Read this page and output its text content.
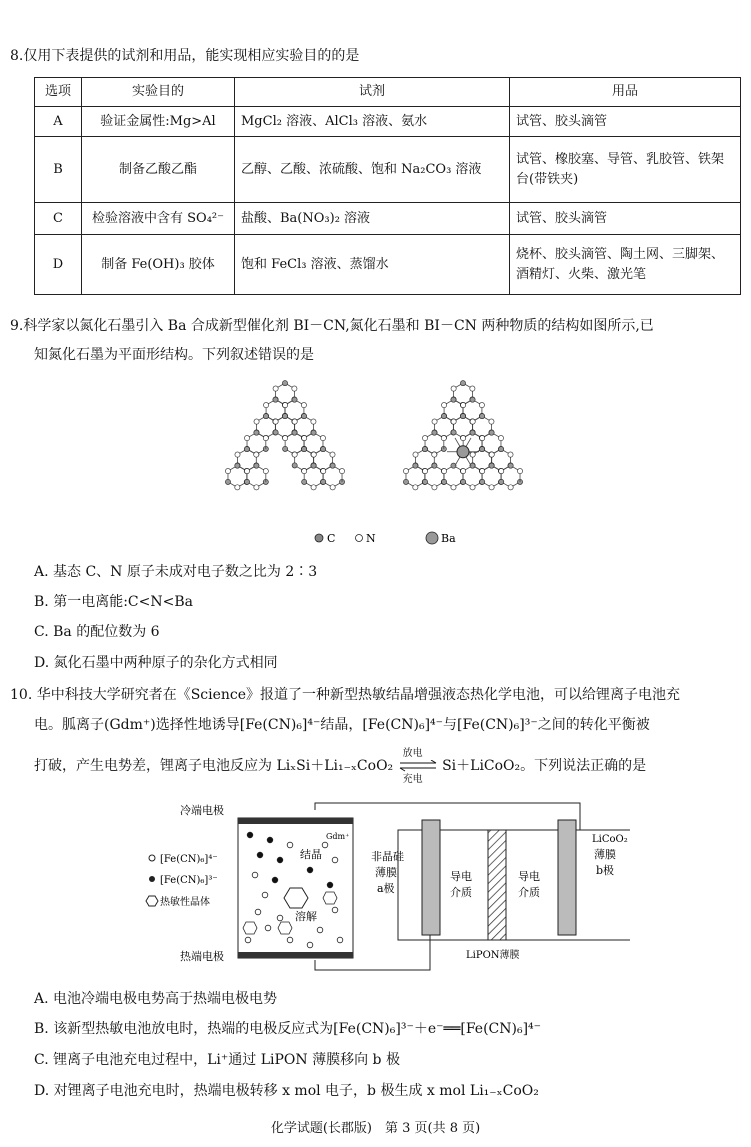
8.仅用下表提供的试剂和用品，能实现相应实验目的的是
选项	实验目的	试剂	用品
A	验证金属性:Mg>Al	MgCl₂ 溶液、AlCl₃ 溶液、氨水	试管、胶头滴管
B	制备乙酸乙酯	乙醇、乙酸、浓硫酸、饱和 Na₂CO₃ 溶液	试管、橡胶塞、导管、乳胶管、铁架台(带铁夹)
C	检验溶液中含有 SO₄²⁻	盐酸、Ba(NO₃)₂ 溶液	试管、胶头滴管
D	制备 Fe(OH)₃ 胶体	饱和 FeCl₃ 溶液、蒸馏水	烧杯、胶头滴管、陶土网、三脚架、酒精灯、火柴、激光笔
9.科学家以氮化石墨引入 Ba 合成新型催化剂 BI－CN,氮化石墨和 BI－CN 两种物质的结构如图所示,已
知氮化石墨为平面形结构。下列叙述错误的是
C	N	Ba
A. 基态 C、N 原子未成对电子数之比为 2∶3
B. 第一电离能:C<N<Ba
C. Ba 的配位数为 6
D. 氮化石墨中两种原子的杂化方式相同
10. 华中科技大学研究者在《Science》报道了一种新型热敏结晶增强液态热化学电池，可以给锂离子电池充
电。胍离子(Gdm⁺)选择性地诱导[Fe(CN)₆]⁴⁻结晶，[Fe(CN)₆]⁴⁻与[Fe(CN)₆]³⁻之间的转化平衡被
打破，产生电势差，锂离子电池反应为 LiₓSi＋Li₁₋ₓCoO₂
放电
充电
Si＋LiCoO₂。下列说法正确的是
冷端电极
热端电极
Gdm⁺
结晶
溶解
[Fe(CN)₆]⁴⁻
[Fe(CN)₆]³⁻
热敏性晶体
非晶硅
薄膜
a极
导电
介质
导电
介质
LiCoO₂
薄膜
b极
LiPON薄膜
A. 电池冷端电极电势高于热端电极电势
B. 该新型热敏电池放电时，热端的电极反应式为[Fe(CN)₆]³⁻＋e⁻══[Fe(CN)₆]⁴⁻
C. 锂离子电池充电过程中，Li⁺通过 LiPON 薄膜移向 b 极
D. 对锂离子电池充电时，热端电极转移 x mol 电子，b 极生成 x mol Li₁₋ₓCoO₂
化学试题(长郡版)　第 3 页(共 8 页)
